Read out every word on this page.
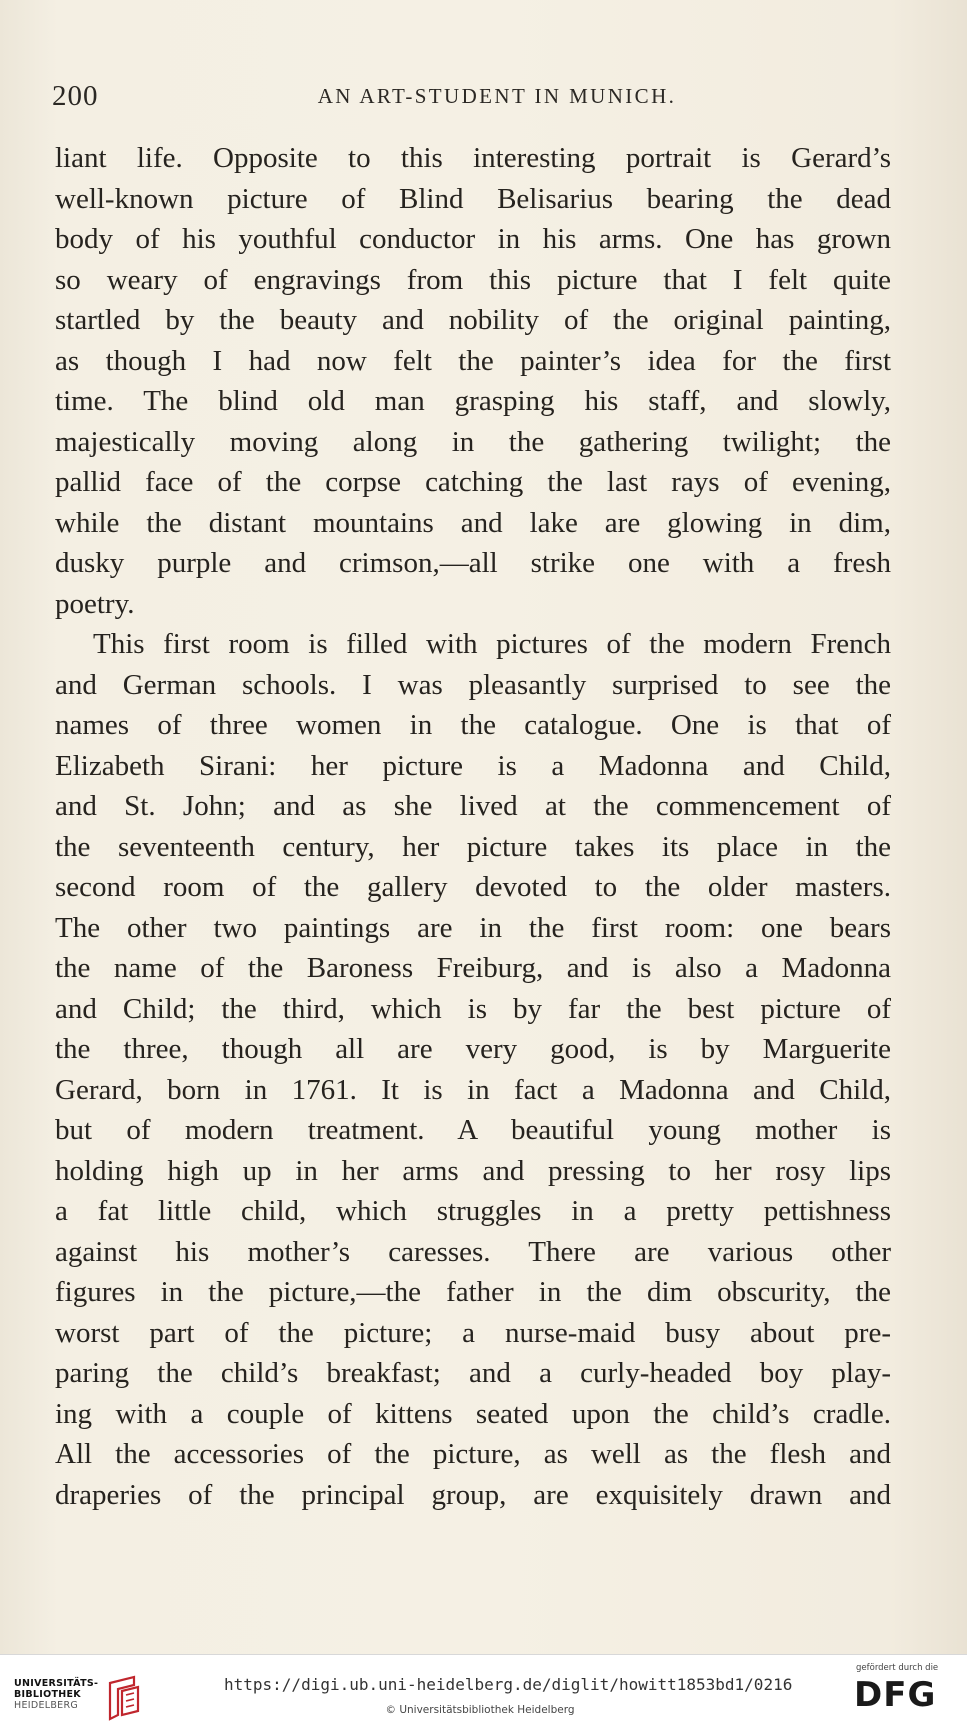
200	AN ART-STUDENT IN MUNICH.
liant life. Opposite to this interesting portrait is Gerard’s
well-known picture of Blind Belisarius bearing the dead
body of his youthful conductor in his arms. One has grown
so weary of engravings from this picture that I felt quite
startled by the beauty and nobility of the original painting,
as though I had now felt the painter’s idea for the first
time. The blind old man grasping his staff, and slowly,
majestically moving along in the gathering twilight; the
pallid face of the corpse catching the last rays of evening,
while the distant mountains and lake are glowing in dim,
dusky purple and crimson,—all strike one with a fresh
poetry.
This first room is filled with pictures of the modern French
and German schools. I was pleasantly surprised to see the
names of three women in the catalogue. One is that of
Elizabeth Sirani: her picture is a Madonna and Child,
and St. John; and as she lived at the commencement of
the seventeenth century, her picture takes its place in the
second room of the gallery devoted to the older masters.
The other two paintings are in the first room: one bears
the name of the Baroness Freiburg, and is also a Madonna
and Child; the third, which is by far the best picture of
the three, though all are very good, is by Marguerite
Gerard, born in 1761. It is in fact a Madonna and Child,
but of modern treatment. A beautiful young mother is
holding high up in her arms and pressing to her rosy lips
a fat little child, which struggles in a pretty pettishness
against his mother’s caresses. There are various other
figures in the picture,—the father in the dim obscurity, the
worst part of the picture; a nurse-maid busy about pre-
paring the child’s breakfast; and a curly-headed boy play-
ing with a couple of kittens seated upon the child’s cradle.
All the accessories of the picture, as well as the flesh and
draperies of the principal group, are exquisitely drawn and
UNIVERSITÄTS-
BIBLIOTHEK
HEIDELBERG
https://digi.ub.uni-heidelberg.de/diglit/howitt1853bd1/0216
© Universitätsbibliothek Heidelberg
gefördert durch die
DFG
